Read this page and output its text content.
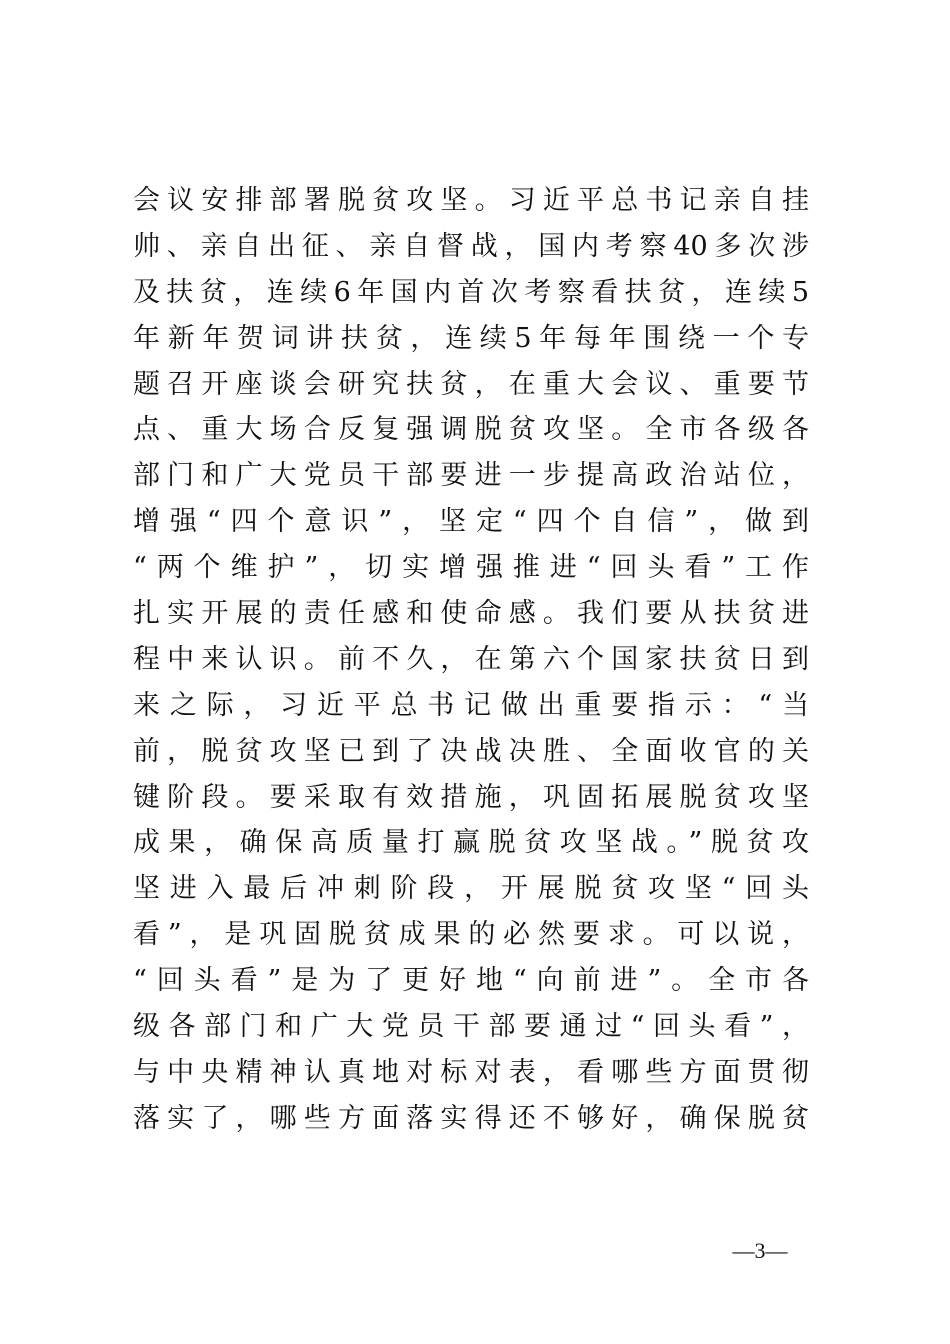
会议安排部署脱贫攻坚。习近平总书记亲自挂
帅、亲自出征、亲自督战，国内考察40多次涉
及扶贫，连续6年国内首次考察看扶贫，连续5
年新年贺词讲扶贫，连续5年每年围绕一个专
题召开座谈会研究扶贫，在重大会议、重要节
点、重大场合反复强调脱贫攻坚。全市各级各
部门和广大党员干部要进一步提高政治站位，
增强“四个意识”，坚定“四个自信”，做到
“两个维护”，切实增强推进“回头看”工作
扎实开展的责任感和使命感。我们要从扶贫进
程中来认识。前不久，在第六个国家扶贫日到
来之际，习近平总书记做出重要指示：“当
前，脱贫攻坚已到了决战决胜、全面收官的关
键阶段。要采取有效措施，巩固拓展脱贫攻坚
成果，确保高质量打赢脱贫攻坚战。”脱贫攻
坚进入最后冲刺阶段，开展脱贫攻坚“回头
看”，是巩固脱贫成果的必然要求。可以说，
“回头看”是为了更好地“向前进”。全市各
级各部门和广大党员干部要通过“回头看”，
与中央精神认真地对标对表，看哪些方面贯彻
落实了，哪些方面落实得还不够好，确保脱贫
—3—
